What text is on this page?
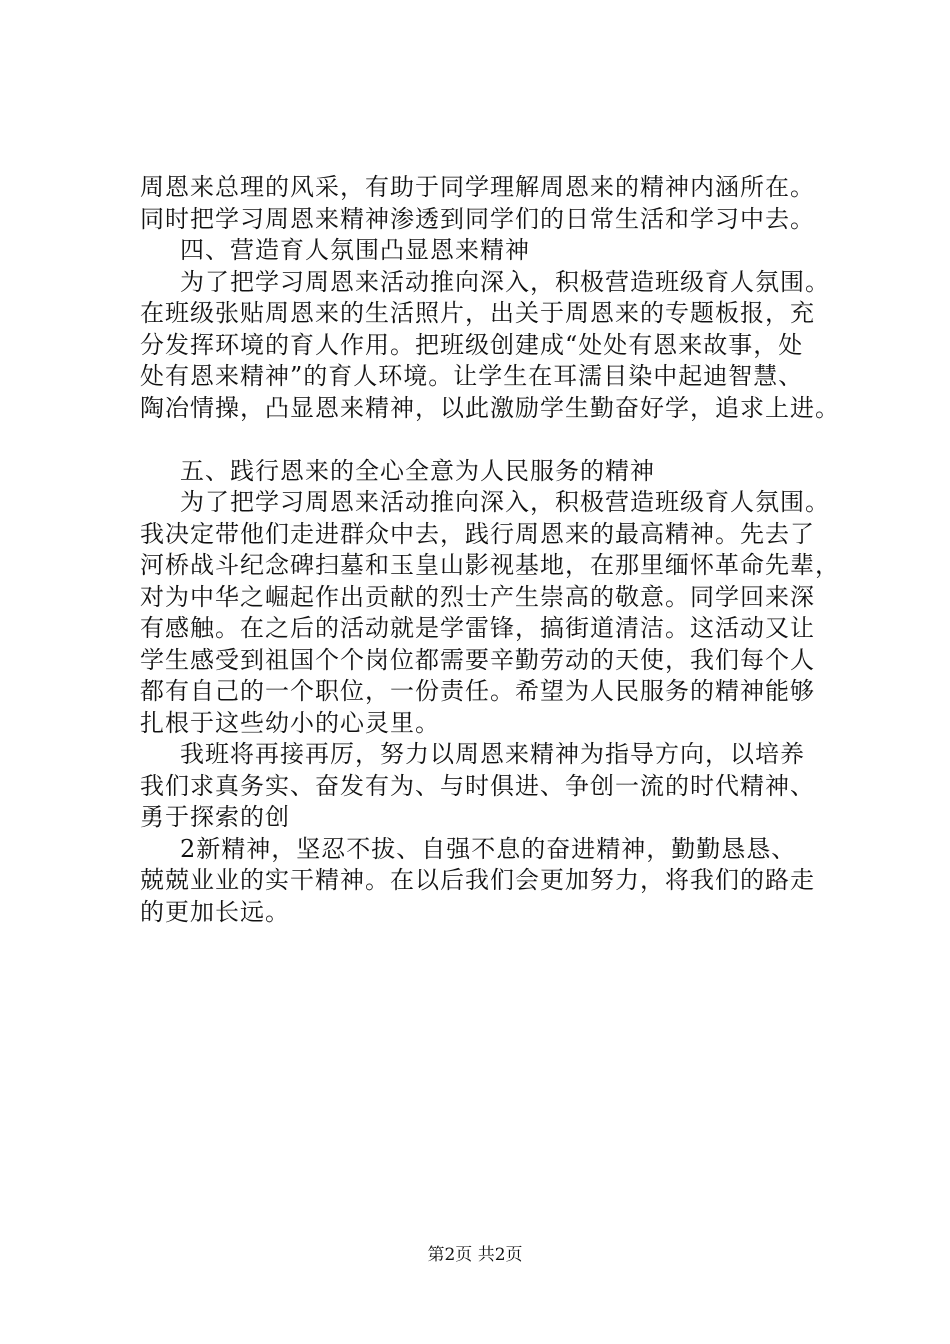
周恩来总理的风采，有助于同学理解周恩来的精神内涵所在。
同时把学习周恩来精神渗透到同学们的日常生活和学习中去。
四、营造育人氛围凸显恩来精神
为了把学习周恩来活动推向深入，积极营造班级育人氛围。
在班级张贴周恩来的生活照片，出关于周恩来的专题板报，充
分发挥环境的育人作用。把班级创建成“处处有恩来故事，处
处有恩来精神”的育人环境。让学生在耳濡目染中起迪智慧、
陶冶情操，凸显恩来精神，以此激励学生勤奋好学，追求上进。
五、践行恩来的全心全意为人民服务的精神
为了把学习周恩来活动推向深入，积极营造班级育人氛围。
我决定带他们走进群众中去，践行周恩来的最高精神。先去了
河桥战斗纪念碑扫墓和玉皇山影视基地，在那里缅怀革命先辈，
对为中华之崛起作出贡献的烈士产生崇高的敬意。同学回来深
有感触。在之后的活动就是学雷锋，搞街道清洁。这活动又让
学生感受到祖国个个岗位都需要辛勤劳动的天使，我们每个人
都有自己的一个职位，一份责任。希望为人民服务的精神能够
扎根于这些幼小的心灵里。
我班将再接再厉，努力以周恩来精神为指导方向，以培养
我们求真务实、奋发有为、与时俱进、争创一流的时代精神、
勇于探索的创
2新精神，坚忍不拔、自强不息的奋进精神，勤勤恳恳、
兢兢业业的实干精神。在以后我们会更加努力，将我们的路走
的更加长远。
第2页 共2页
